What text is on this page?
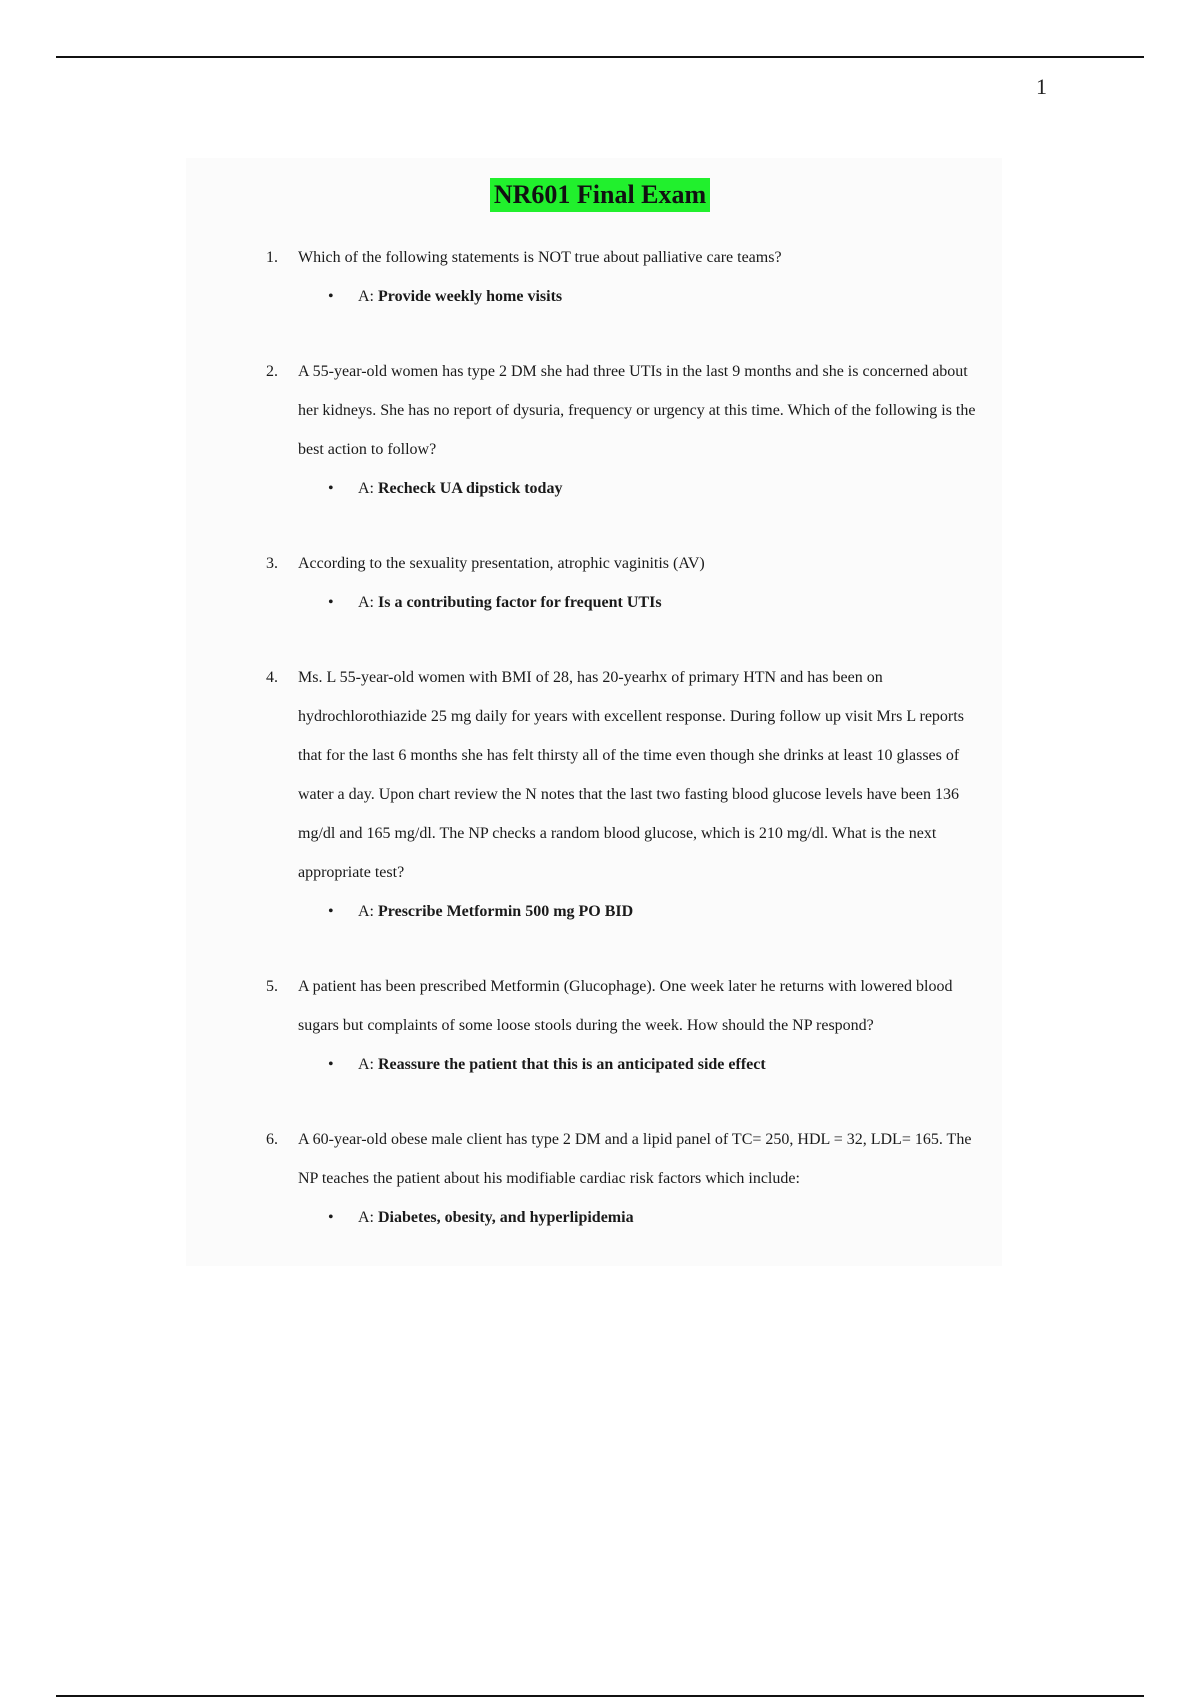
1
NR601 Final Exam
1. Which of the following statements is NOT true about palliative care teams?
• A: Provide weekly home visits
2. A 55-year-old women has type 2 DM she had three UTIs in the last 9 months and she is concerned about her kidneys. She has no report of dysuria, frequency or urgency at this time. Which of the following is the best action to follow?
• A: Recheck UA dipstick today
3. According to the sexuality presentation, atrophic vaginitis (AV)
• A: Is a contributing factor for frequent UTIs
4. Ms. L 55-year-old women with BMI of 28, has 20-yearhx of primary HTN and has been on hydrochlorothiazide 25 mg daily for years with excellent response. During follow up visit Mrs L reports that for the last 6 months she has felt thirsty all of the time even though she drinks at least 10 glasses of water a day. Upon chart review the N notes that the last two fasting blood glucose levels have been 136 mg/dl and 165 mg/dl. The NP checks a random blood glucose, which is 210 mg/dl. What is the next appropriate test?
• A: Prescribe Metformin 500 mg PO BID
5. A patient has been prescribed Metformin (Glucophage). One week later he returns with lowered blood sugars but complaints of some loose stools during the week. How should the NP respond?
• A: Reassure the patient that this is an anticipated side effect
6. A 60-year-old obese male client has type 2 DM and a lipid panel of TC= 250, HDL = 32, LDL= 165. The NP teaches the patient about his modifiable cardiac risk factors which include:
• A: Diabetes, obesity, and hyperlipidemia
